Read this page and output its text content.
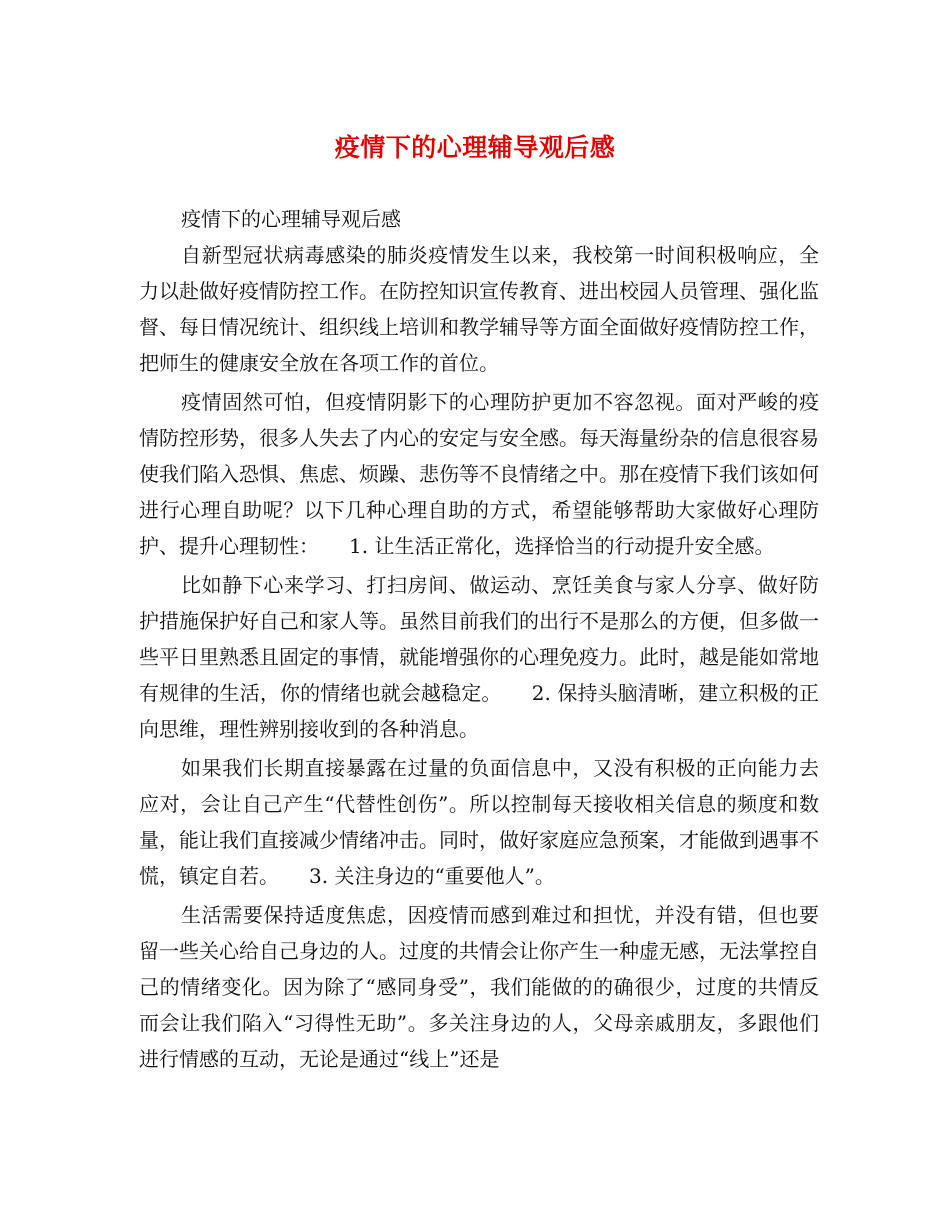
疫情下的心理辅导观后感

疫情下的心理辅导观后感

自新型冠状病毒感染的肺炎疫情发生以来，我校第一时间积极响应，全力以赴做好疫情防控工作。在防控知识宣传教育、进出校园人员管理、强化监督、每日情况统计、组织线上培训和教学辅导等方面全面做好疫情防控工作，把师生的健康安全放在各项工作的首位。

疫情固然可怕，但疫情阴影下的心理防护更加不容忽视。面对严峻的疫情防控形势，很多人失去了内心的安定与安全感。每天海量纷杂的信息很容易使我们陷入恐惧、焦虑、烦躁、悲伤等不良情绪之中。那在疫情下我们该如何进行心理自助呢？以下几种心理自助的方式，希望能够帮助大家做好心理防护、提升心理韧性：　　1. 让生活正常化，选择恰当的行动提升安全感。

比如静下心来学习、打扫房间、做运动、烹饪美食与家人分享、做好防护措施保护好自己和家人等。虽然目前我们的出行不是那么的方便，但多做一些平日里熟悉且固定的事情，就能增强你的心理免疫力。此时，越是能如常地有规律的生活，你的情绪也就会越稳定。　　2. 保持头脑清晰，建立积极的正向思维，理性辨别接收到的各种消息。

如果我们长期直接暴露在过量的负面信息中，又没有积极的正向能力去应对，会让自己产生“代替性创伤”。所以控制每天接收相关信息的频度和数量，能让我们直接减少情绪冲击。同时，做好家庭应急预案，才能做到遇事不慌，镇定自若。　　3. 关注身边的“重要他人”。

生活需要保持适度焦虑，因疫情而感到难过和担忧，并没有错，但也要留一些关心给自己身边的人。过度的共情会让你产生一种虚无感，无法掌控自己的情绪变化。因为除了“感同身受”，我们能做的的确很少，过度的共情反而会让我们陷入“习得性无助”。多关注身边的人，父母亲戚朋友，多跟他们进行情感的互动，无论是通过“线上”还是
